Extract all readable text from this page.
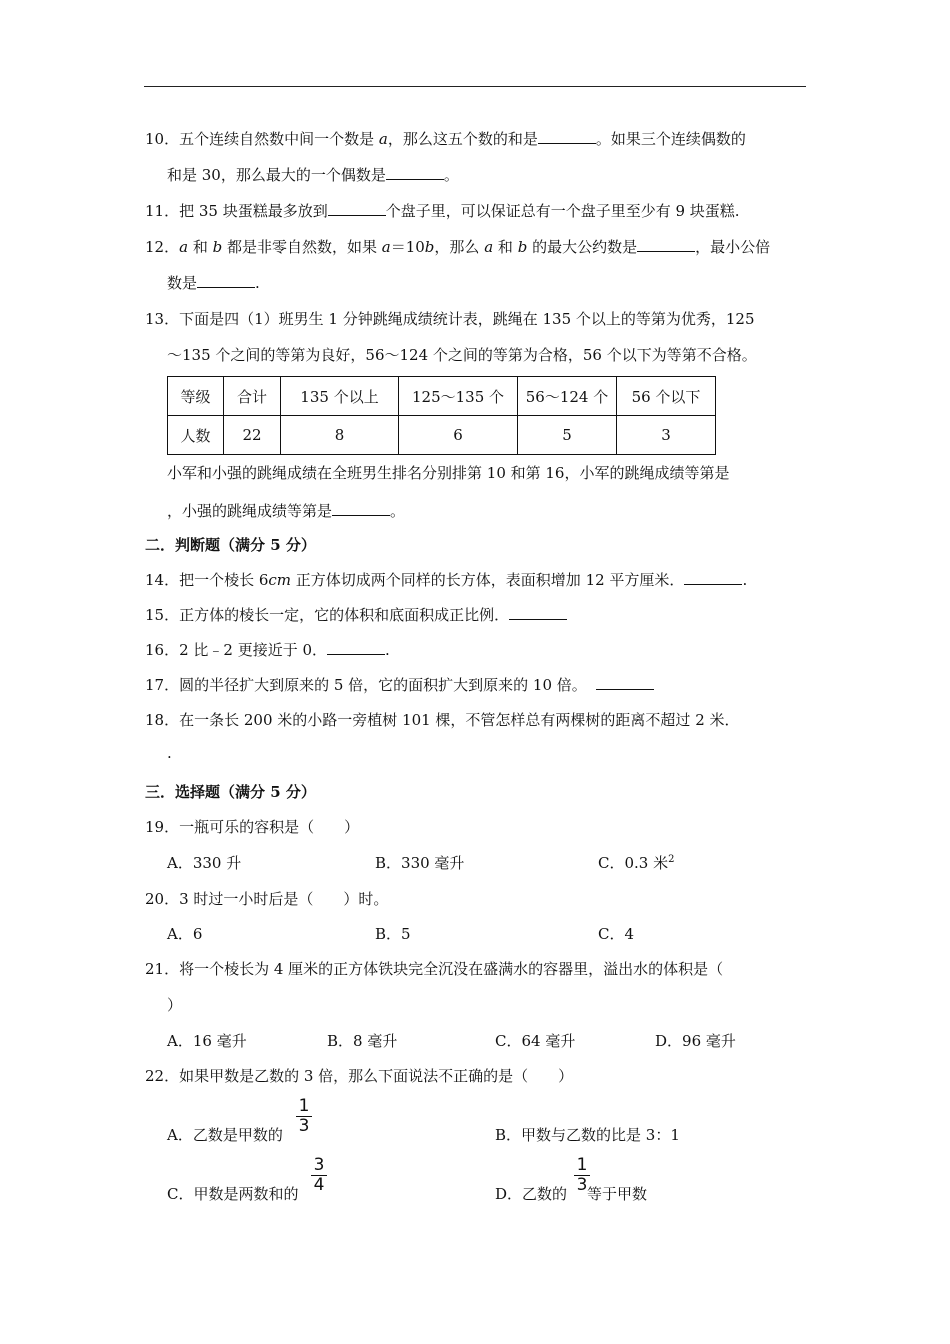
10．五个连续自然数中间一个数是 a，那么这五个数的和是	。如果三个连续偶数的
和是 30，那么最大的一个偶数是	。
11．把 35 块蛋糕最多放到	个盘子里，可以保证总有一个盘子里至少有 9 块蛋糕.
12．a 和 b 都是非零自然数，如果 a＝10b，那么 a 和 b 的最大公约数是	，最小公倍
数是	.
13．下面是四（1）班男生 1 分钟跳绳成绩统计表，跳绳在 135 个以上的等第为优秀，125
～135 个之间的等第为良好，56～124 个之间的等第为合格，56 个以下为等第不合格。
等级	合计	135 个以上	125～135 个	56～124 个	56 个以下
人数	22	8	6	5	3
小军和小强的跳绳成绩在全班男生排名分别排第 10 和第 16，小军的跳绳成绩等第是
，小强的跳绳成绩等第是	。
二．判断题（满分 5 分）
14．把一个棱长 6cm 正方体切成两个同样的长方体，表面积增加 12 平方厘米．	.
15．正方体的棱长一定，它的体积和底面积成正比例．
16．2 比﹣2 更接近于 0．	.
17．圆的半径扩大到原来的 5 倍，它的面积扩大到原来的 10 倍。
18．在一条长 200 米的小路一旁植树 101 棵，不管怎样总有两棵树的距离不超过 2 米．
.
三．选择题（满分 5 分）
19．一瓶可乐的容积是（　　）
A．330 升	B．330 毫升	C．0.3 米$^2$
20．3 时过一小时后是（　　）时。
A．6	B．5	C．4
21．将一个棱长为 4 厘米的正方体铁块完全沉没在盛满水的容器里，溢出水的体积是（
）
A．16 毫升	B．8 毫升	C．64 毫升	D．96 毫升
22．如果甲数是乙数的 3 倍，那么下面说法不正确的是（　　）
A．乙数是甲数的
1
3	B．甲数与乙数的比是 3：1
C．甲数是两数和的
3
4	D．乙数的 等于甲数
1
3
